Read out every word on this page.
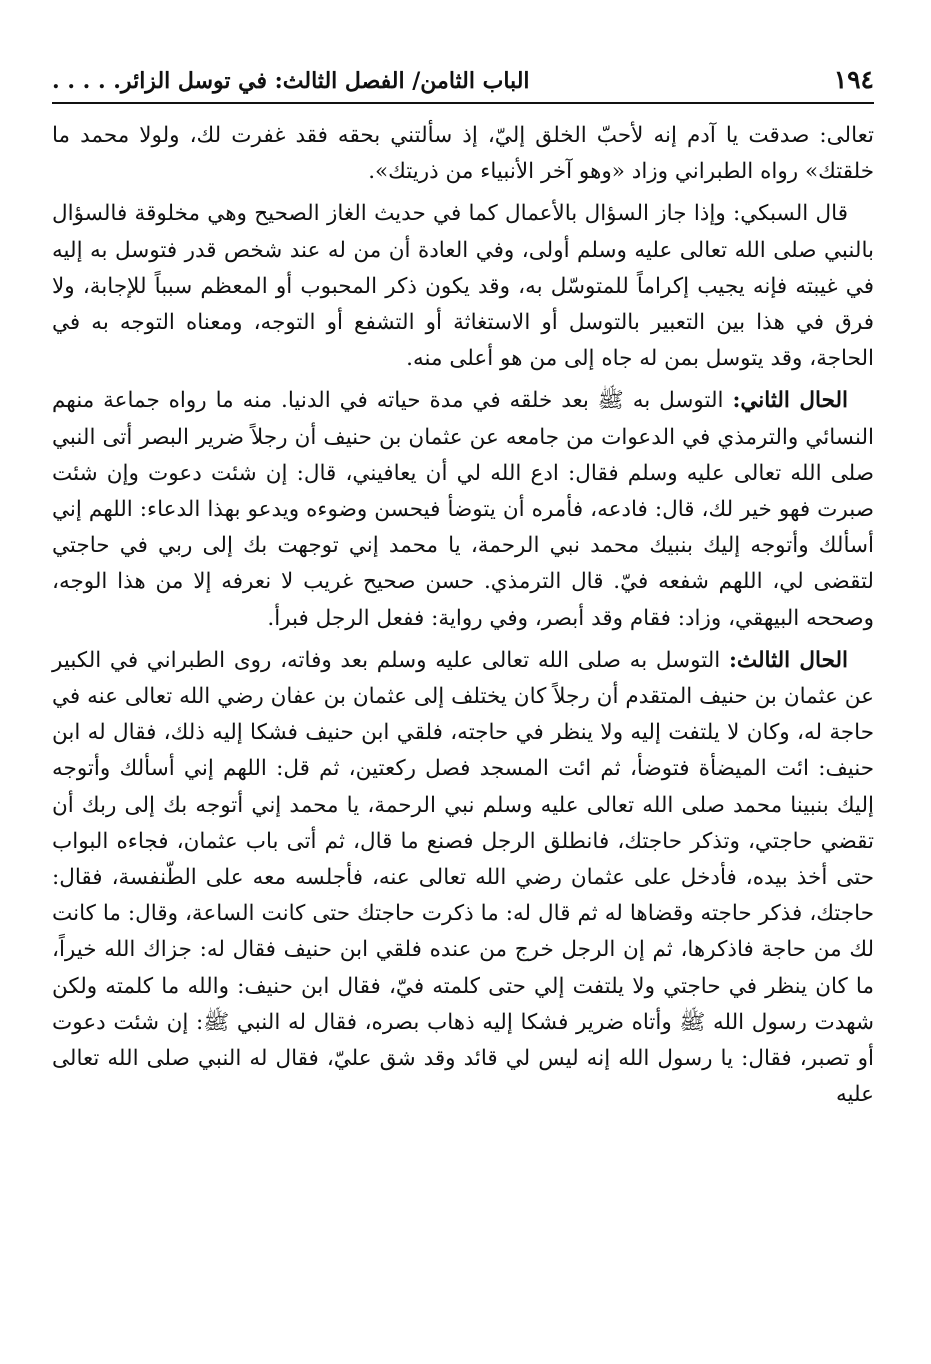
١٩٤
الباب الثامن/ الفصل الثالث: في توسل الزائر. . . . .

تعالى: صدقت يا آدم إنه لأحبّ الخلق إليّ، إذ سألتني بحقه فقد غفرت لك، ولولا محمد ما خلقتك» رواه الطبراني وزاد «وهو آخر الأنبياء من ذريتك».

قال السبكي: وإذا جاز السؤال بالأعمال كما في حديث الغاز الصحيح وهي مخلوقة فالسؤال بالنبي صلى الله تعالى عليه وسلم أولى، وفي العادة أن من له عند شخص قدر فتوسل به إليه في غيبته فإنه يجيب إكراماً للمتوسّل به، وقد يكون ذكر المحبوب أو المعظم سبباً للإجابة، ولا فرق في هذا بين التعبير بالتوسل أو الاستغاثة أو التشفع أو التوجه، ومعناه التوجه به في الحاجة، وقد يتوسل بمن له جاه إلى من هو أعلى منه.

الحال الثاني: التوسل به ﷺ بعد خلقه في مدة حياته في الدنيا. منه ما رواه جماعة منهم النسائي والترمذي في الدعوات من جامعه عن عثمان بن حنيف أن رجلاً ضرير البصر أتى النبي صلى الله تعالى عليه وسلم فقال: ادع الله لي أن يعافيني، قال: إن شئت دعوت وإن شئت صبرت فهو خير لك، قال: فادعه، فأمره أن يتوضأ فيحسن وضوءه ويدعو بهذا الدعاء: اللهم إني أسألك وأتوجه إليك بنبيك محمد نبي الرحمة، يا محمد إني توجهت بك إلى ربي في حاجتي لتقضى لي، اللهم شفعه فيّ. قال الترمذي. حسن صحيح غريب لا نعرفه إلا من هذا الوجه، وصححه البيهقي، وزاد: فقام وقد أبصر، وفي رواية: ففعل الرجل فبرأ.

الحال الثالث: التوسل به صلى الله تعالى عليه وسلم بعد وفاته، روى الطبراني في الكبير عن عثمان بن حنيف المتقدم أن رجلاً كان يختلف إلى عثمان بن عفان رضي الله تعالى عنه في حاجة له، وكان لا يلتفت إليه ولا ينظر في حاجته، فلقي ابن حنيف فشكا إليه ذلك، فقال له ابن حنيف: ائت الميضأة فتوضأ، ثم ائت المسجد فصل ركعتين، ثم قل: اللهم إني أسألك وأتوجه إليك بنبينا محمد صلى الله تعالى عليه وسلم نبي الرحمة، يا محمد إني أتوجه بك إلى ربك أن تقضي حاجتي، وتذكر حاجتك، فانطلق الرجل فصنع ما قال، ثم أتى باب عثمان، فجاءه البواب حتى أخذ بيده، فأدخل على عثمان رضي الله تعالى عنه، فأجلسه معه على الطّنفسة، فقال: حاجتك، فذكر حاجته وقضاها له ثم قال له: ما ذكرت حاجتك حتى كانت الساعة، وقال: ما كانت لك من حاجة فاذكرها، ثم إن الرجل خرج من عنده فلقي ابن حنيف فقال له: جزاك الله خيراً، ما كان ينظر في حاجتي ولا يلتفت إلي حتى كلمته فيّ، فقال ابن حنيف: والله ما كلمته ولكن شهدت رسول الله ﷺ وأتاه ضرير فشكا إليه ذهاب بصره، فقال له النبي ﷺ: إن شئت دعوت أو تصبر، فقال: يا رسول الله إنه ليس لي قائد وقد شق عليّ، فقال له النبي صلى الله تعالى عليه
